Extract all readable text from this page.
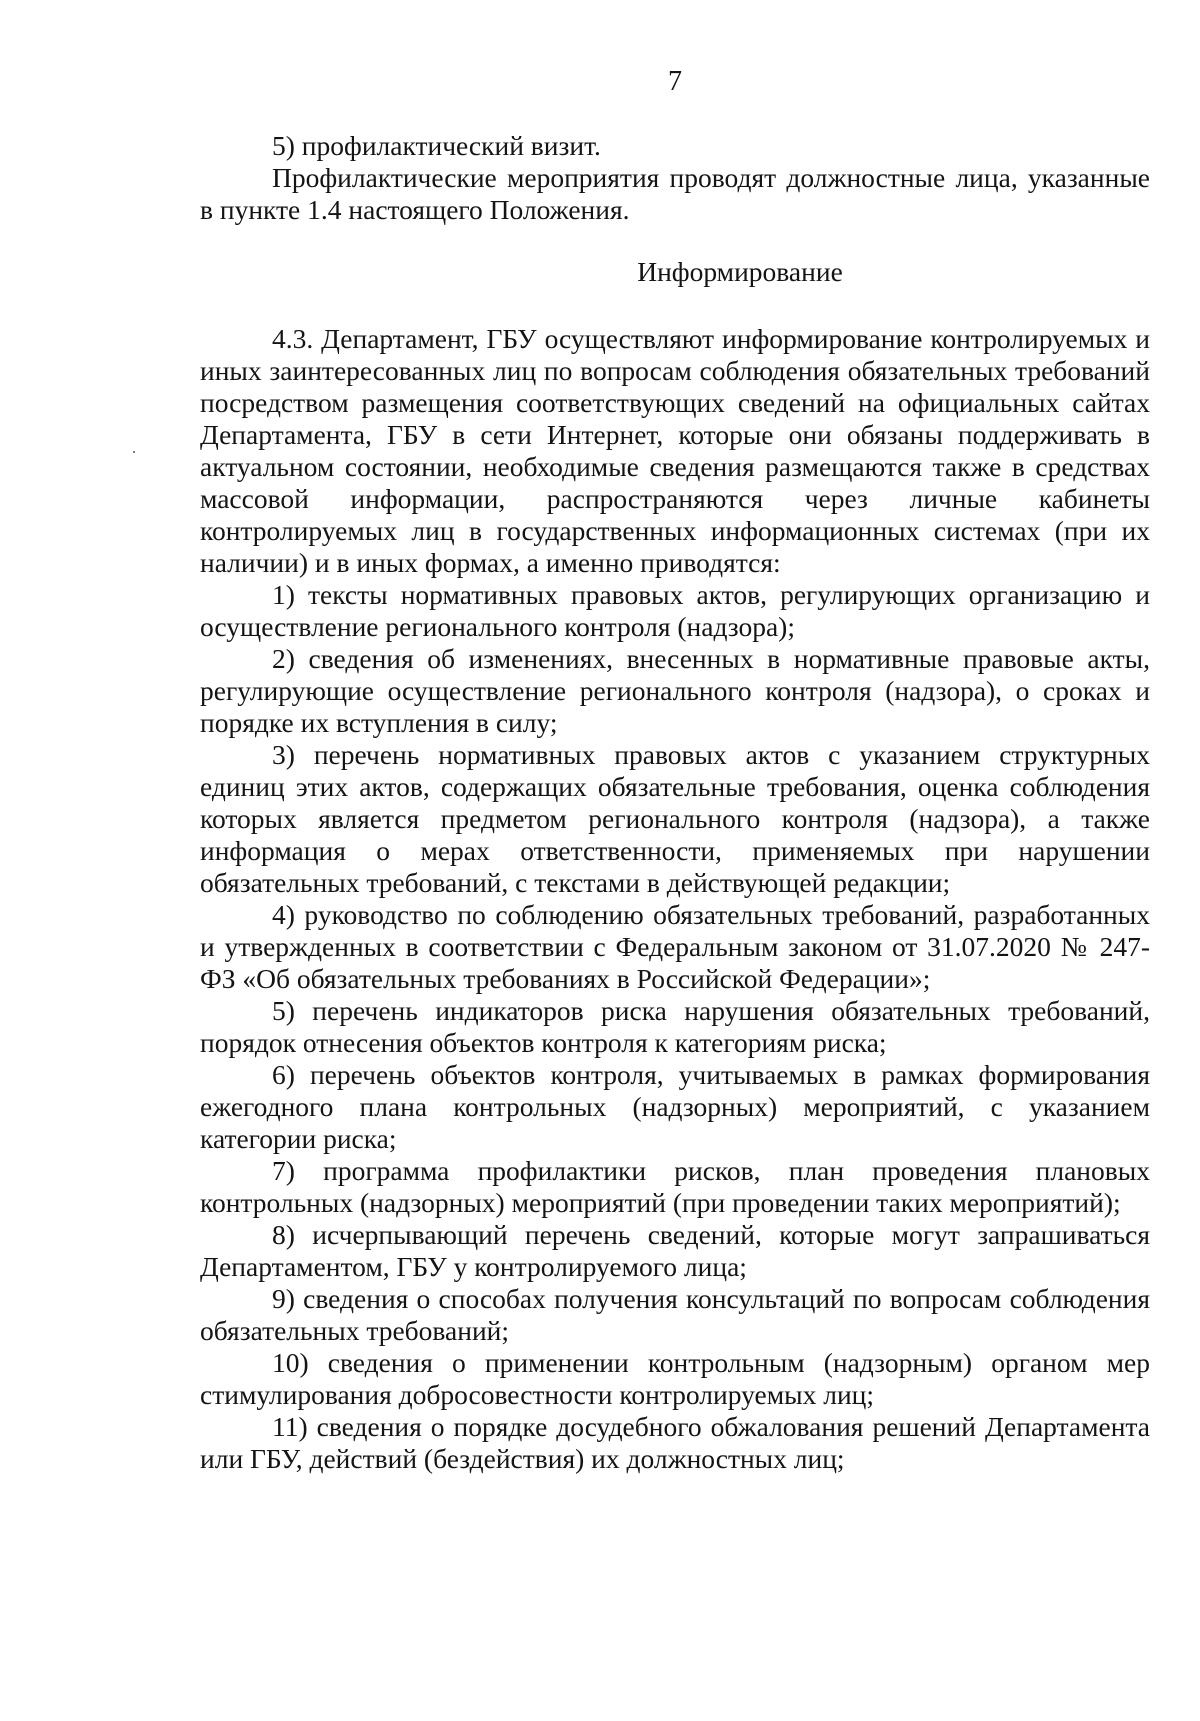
7

5) профилактический визит.

Профилактические мероприятия проводят должностные лица, указанные в пункте 1.4 настоящего Положения.

Информирование

4.3. Департамент, ГБУ осуществляют информирование контролируемых и иных заинтересованных лиц по вопросам соблюдения обязательных требований посредством размещения соответствующих сведений на официальных сайтах Департамента, ГБУ в сети Интернет, которые они обязаны поддерживать в актуальном состоянии, необходимые сведения размещаются также в средствах массовой информации, распространяются через личные кабинеты контролируемых лиц в государственных информационных системах (при их наличии) и в иных формах, а именно приводятся:

1) тексты нормативных правовых актов, регулирующих организацию и осуществление регионального контроля (надзора);

2) сведения об изменениях, внесенных в нормативные правовые акты, регулирующие осуществление регионального контроля (надзора), о сроках и порядке их вступления в силу;

3) перечень нормативных правовых актов с указанием структурных единиц этих актов, содержащих обязательные требования, оценка соблюдения которых является предметом регионального контроля (надзора), а также информация о мерах ответственности, применяемых при нарушении обязательных требований, с текстами в действующей редакции;

4) руководство по соблюдению обязательных требований, разработанных и утвержденных в соответствии с Федеральным законом от 31.07.2020 № 247-ФЗ «Об обязательных требованиях в Российской Федерации»;

5) перечень индикаторов риска нарушения обязательных требований, порядок отнесения объектов контроля к категориям риска;

6) перечень объектов контроля, учитываемых в рамках формирования ежегодного плана контрольных (надзорных) мероприятий, с указанием категории риска;

7) программа профилактики рисков, план проведения плановых контрольных (надзорных) мероприятий (при проведении таких мероприятий);

8) исчерпывающий перечень сведений, которые могут запрашиваться Департаментом, ГБУ у контролируемого лица;

9) сведения о способах получения консультаций по вопросам соблюдения обязательных требований;

10) сведения о применении контрольным (надзорным) органом мер стимулирования добросовестности контролируемых лиц;

11) сведения о порядке досудебного обжалования решений Департамента или ГБУ, действий (бездействия) их должностных лиц;
